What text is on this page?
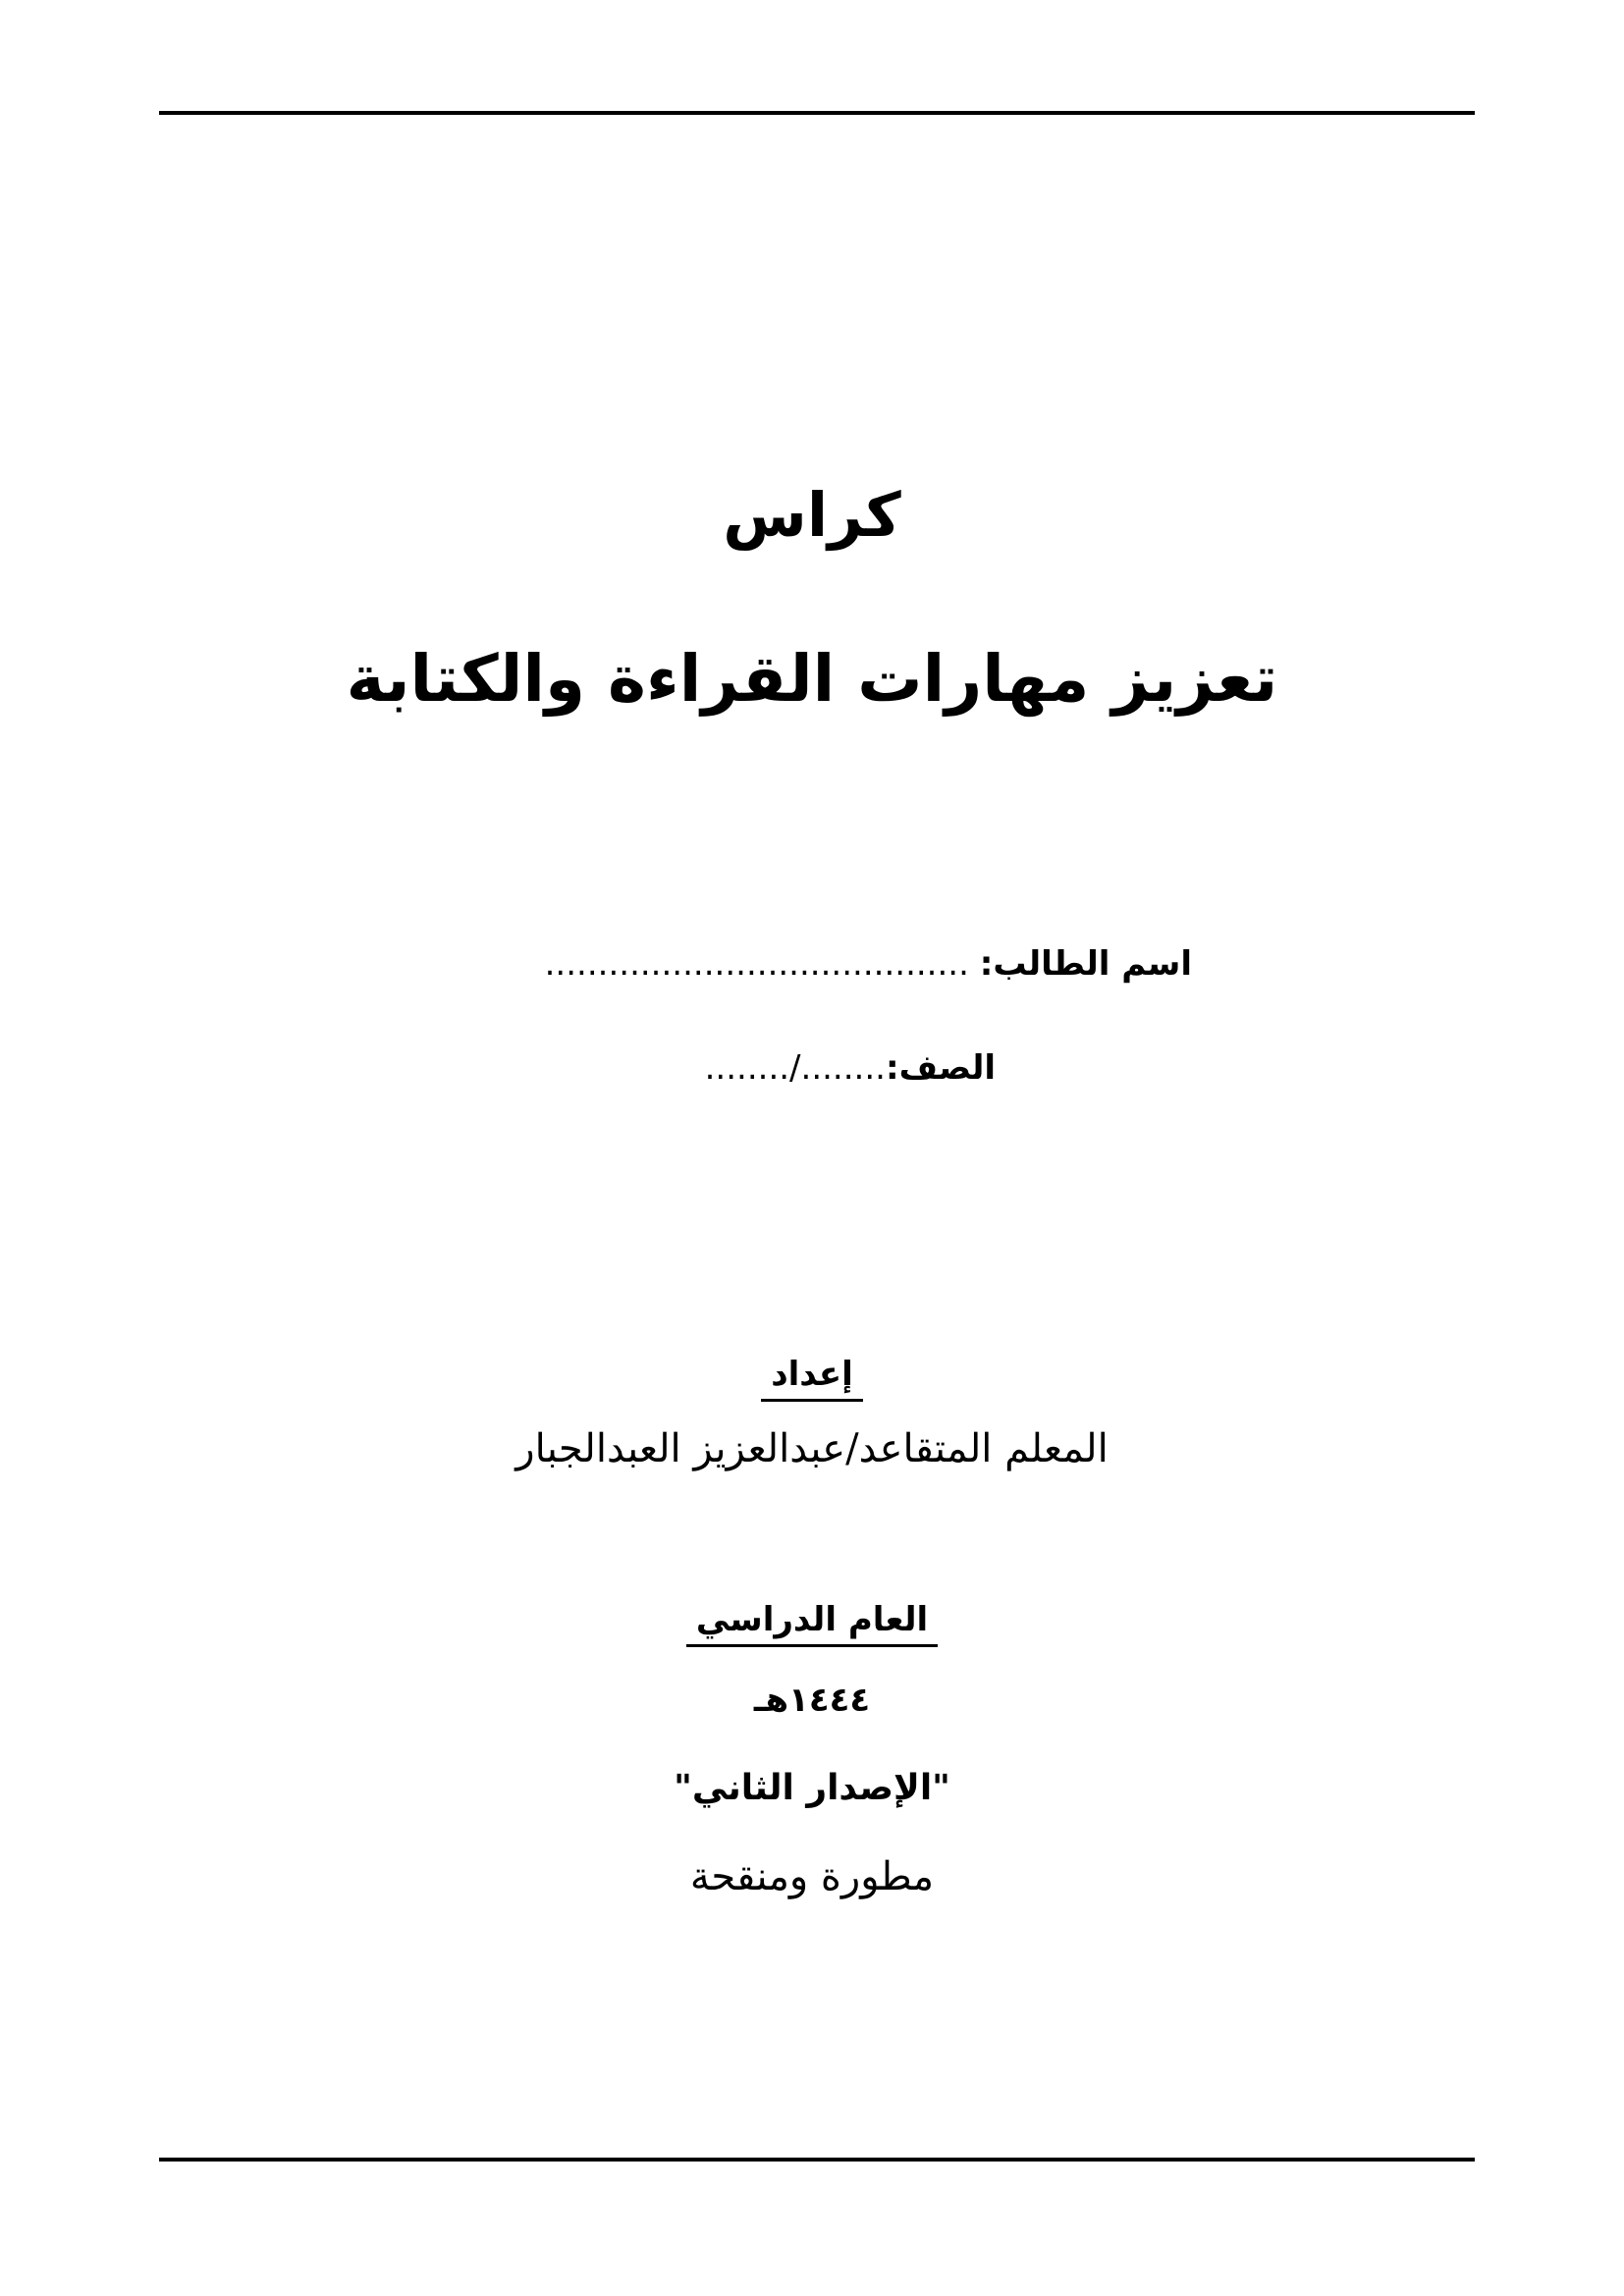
كراس
تعزيز مهارات القراءة والكتابة
اسم الطالب: ........................................
الصف:......../........
إعداد
المعلم المتقاعد/عبدالعزيز العبدالجبار
العام الدراسي
١٤٤٤هـ
"الإصدار الثاني"
مطورة ومنقحة
